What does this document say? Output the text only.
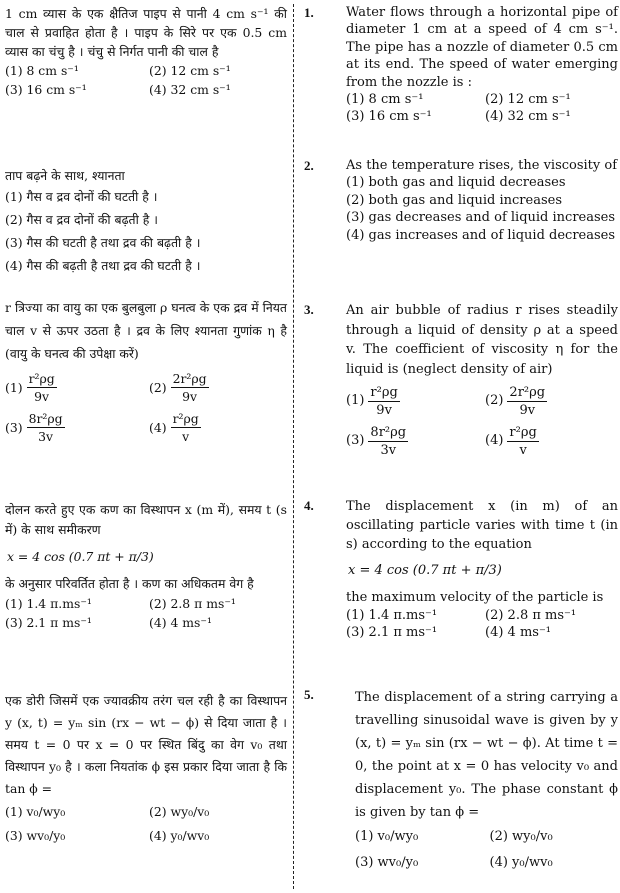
1 cm व्यास के एक क्षैतिज पाइप से पानी 4 cm s⁻¹ की चाल से प्रवाहित होता है । पाइप के सिरे पर एक 0.5 cm व्यास का चंचु है । चंचु से निर्गत पानी की चाल है
(1) 8 cm s⁻¹	(2) 12 cm s⁻¹
(3) 16 cm s⁻¹	(4) 32 cm s⁻¹
ताप बढ़ने के साथ, श्यानता
(1) गैस व द्रव दोनों की घटती है ।
(2) गैस व द्रव दोनों की बढ़ती है ।
(3) गैस की घटती है तथा द्रव की बढ़ती है ।
(4) गैस की बढ़ती है तथा द्रव की घटती है ।
r त्रिज्या का वायु का एक बुलबुला ρ घनत्व के एक द्रव में नियत चाल v से ऊपर उठता है । द्रव के लिए श्यानता गुणांक η है (वायु के घनत्व की उपेक्षा करें)
$(1) \frac{\text{r²ρg}}{9v}$	$(2) \frac{\text{2r²ρg}}{9v}$
$(3) \frac{\text{8r²ρg}}{3v}$	$(4) \frac{\text{r²ρg}}{v}$
दोलन करते हुए एक कण का विस्थापन x (m में), समय t (s में) के साथ समीकरण
x = 4 cos (0.7 πt + π/3)
के अनुसार परिवर्तित होता है । कण का अधिकतम वेग है
(1) 1.4 π.ms⁻¹	(2) 2.8 π ms⁻¹
(3) 2.1 π ms⁻¹	(4) 4 ms⁻¹
एक डोरी जिसमें एक ज्यावक्रीय तरंग चल रही है का विस्थापन y (x, t) = yₘ sin (rx − wt − ϕ) से दिया जाता है । समय t = 0 पर x = 0 पर स्थित बिंदु का वेग v₀ तथा विस्थापन y₀ है । कला नियतांक ϕ इस प्रकार दिया जाता है कि tan ϕ =
(1) v₀/wy₀	(2) wy₀/v₀
(3) wv₀/y₀	(4) y₀/wv₀
1. Water flows through a horizontal pipe of diameter 1 cm at a speed of 4 cm s⁻¹. The pipe has a nozzle of diameter 0.5 cm at its end. The speed of water emerging from the nozzle is :
(1) 8 cm s⁻¹	(2) 12 cm s⁻¹
(3) 16 cm s⁻¹	(4) 32 cm s⁻¹
2. As the temperature rises, the viscosity of
(1) both gas and liquid decreases
(2) both gas and liquid increases
(3) gas decreases and of liquid increases
(4) gas increases and of liquid decreases
3. An air bubble of radius r rises steadily through a liquid of density ρ at a speed v. The coefficient of viscosity η for the liquid is (neglect density of air)
$(1) \frac{\text{r²ρg}}{9v}$	$(2) \frac{\text{2r²ρg}}{9v}$
$(3) \frac{\text{8r²ρg}}{3v}$	$(4) \frac{\text{r²ρg}}{v}$
4. The displacement x (in m) of an oscillating particle varies with time t (in s) according to the equation
x = 4 cos (0.7 πt + π/3)
the maximum velocity of the particle is
(1) 1.4 π.ms⁻¹	(2) 2.8 π ms⁻¹
(3) 2.1 π ms⁻¹	(4) 4 ms⁻¹
5.	The displacement of a string carrying a travelling sinusoidal wave is given by y (x, t) = yₘ sin (rx − wt − ϕ). At time t = 0, the point at x = 0 has velocity v₀ and displacement y₀. The phase constant ϕ is given by tan ϕ =
(1) v₀/wy₀	(2) wy₀/v₀
(3) wv₀/y₀	(4) y₀/wv₀
